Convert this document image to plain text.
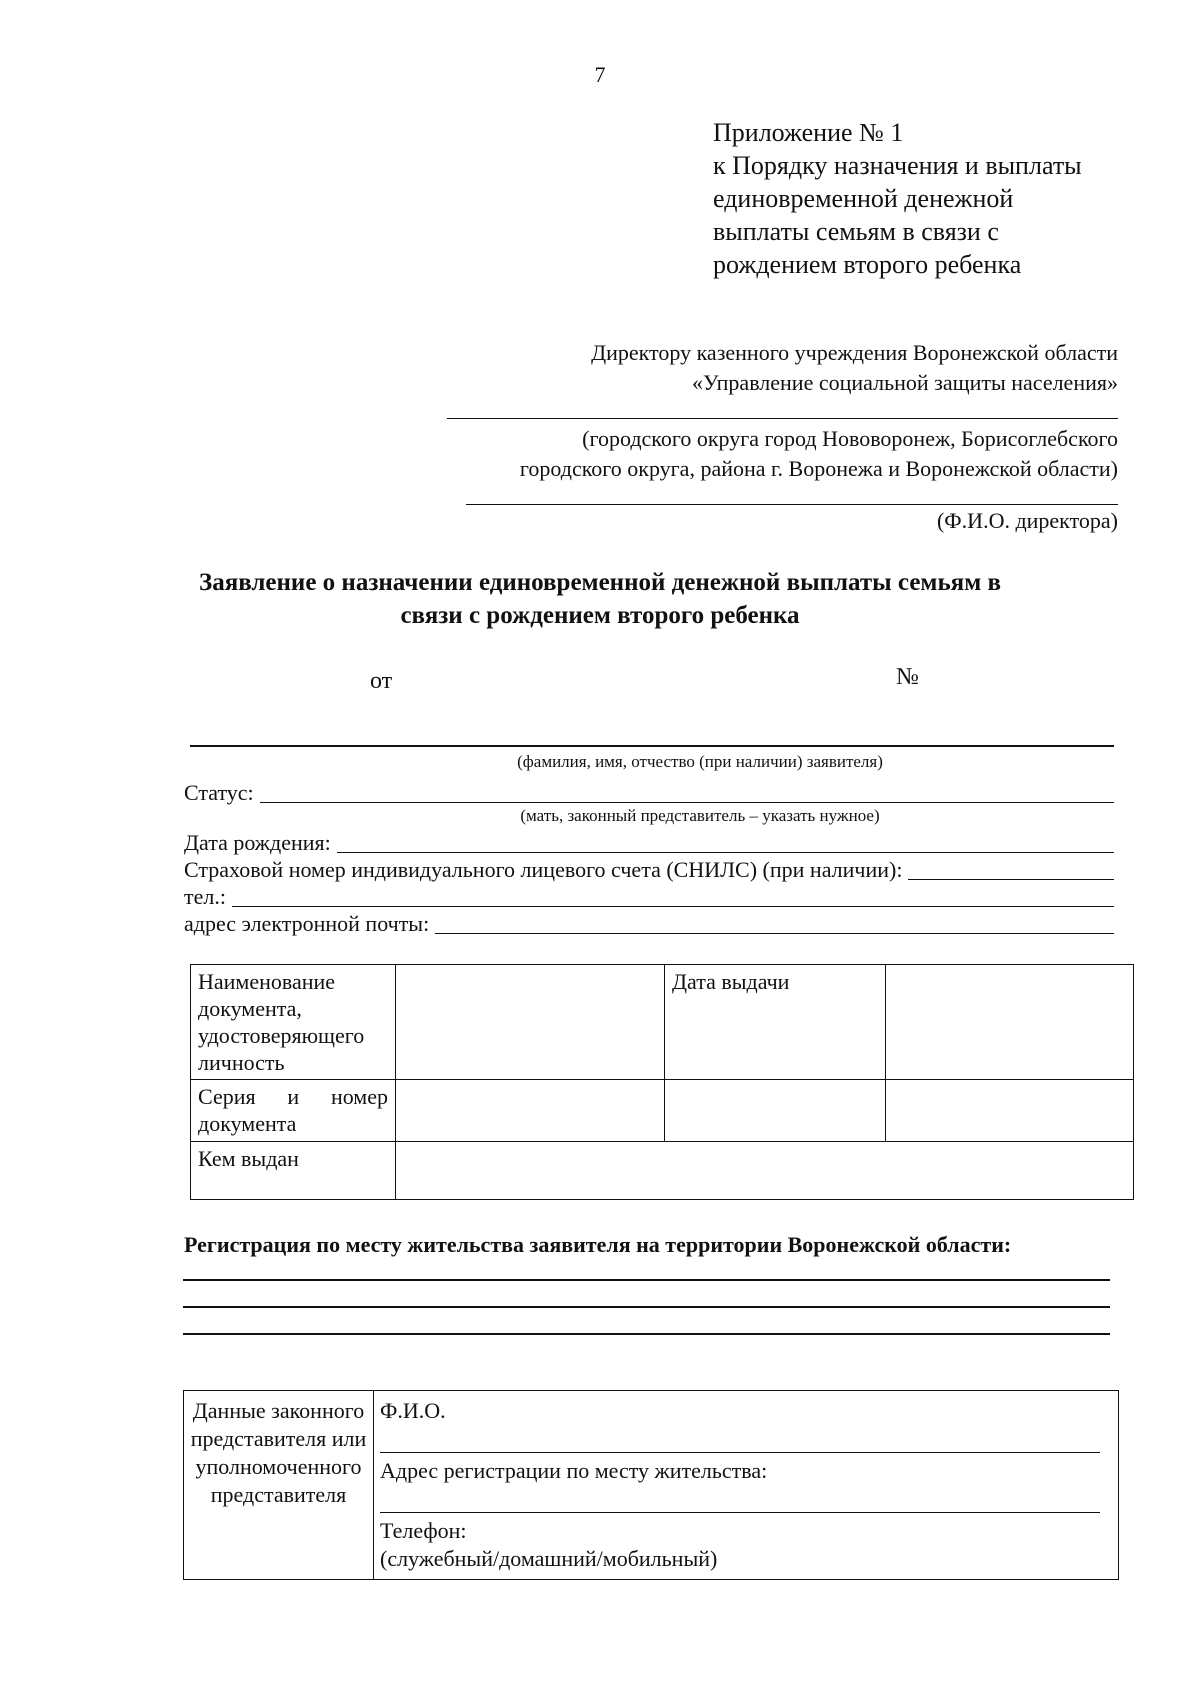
7
Приложение № 1
к Порядку назначения и выплаты
единовременной денежной
выплаты семьям в связи с
рождением второго ребенка
Директору казенного учреждения Воронежской области
«Управление социальной защиты населения»
(городского округа город Нововоронеж, Борисоглебского
городского округа, района г. Воронежа и Воронежской области)
(Ф.И.О. директора)
Заявление о назначении единовременной денежной выплаты семьям в
связи с рождением второго ребенка
от	№
(фамилия, имя, отчество (при наличии) заявителя)
Статус:
(мать, законный представитель – указать нужное)
Дата рождения:
Страховой номер индивидуального лицевого счета (СНИЛС) (при наличии):
тел.:
адрес электронной почты:
Наименование документа, удостоверяющего личность		Дата выдачи	

Серия и номер
документа			

Кем выдан			
Регистрация по месту жительства заявителя на территории Воронежской области:
Данные законного представителя или уполномоченного представителя	
Ф.И.О.
Адрес регистрации по месту жительства:
Телефон:
(служебный/домашний/мобильный)
